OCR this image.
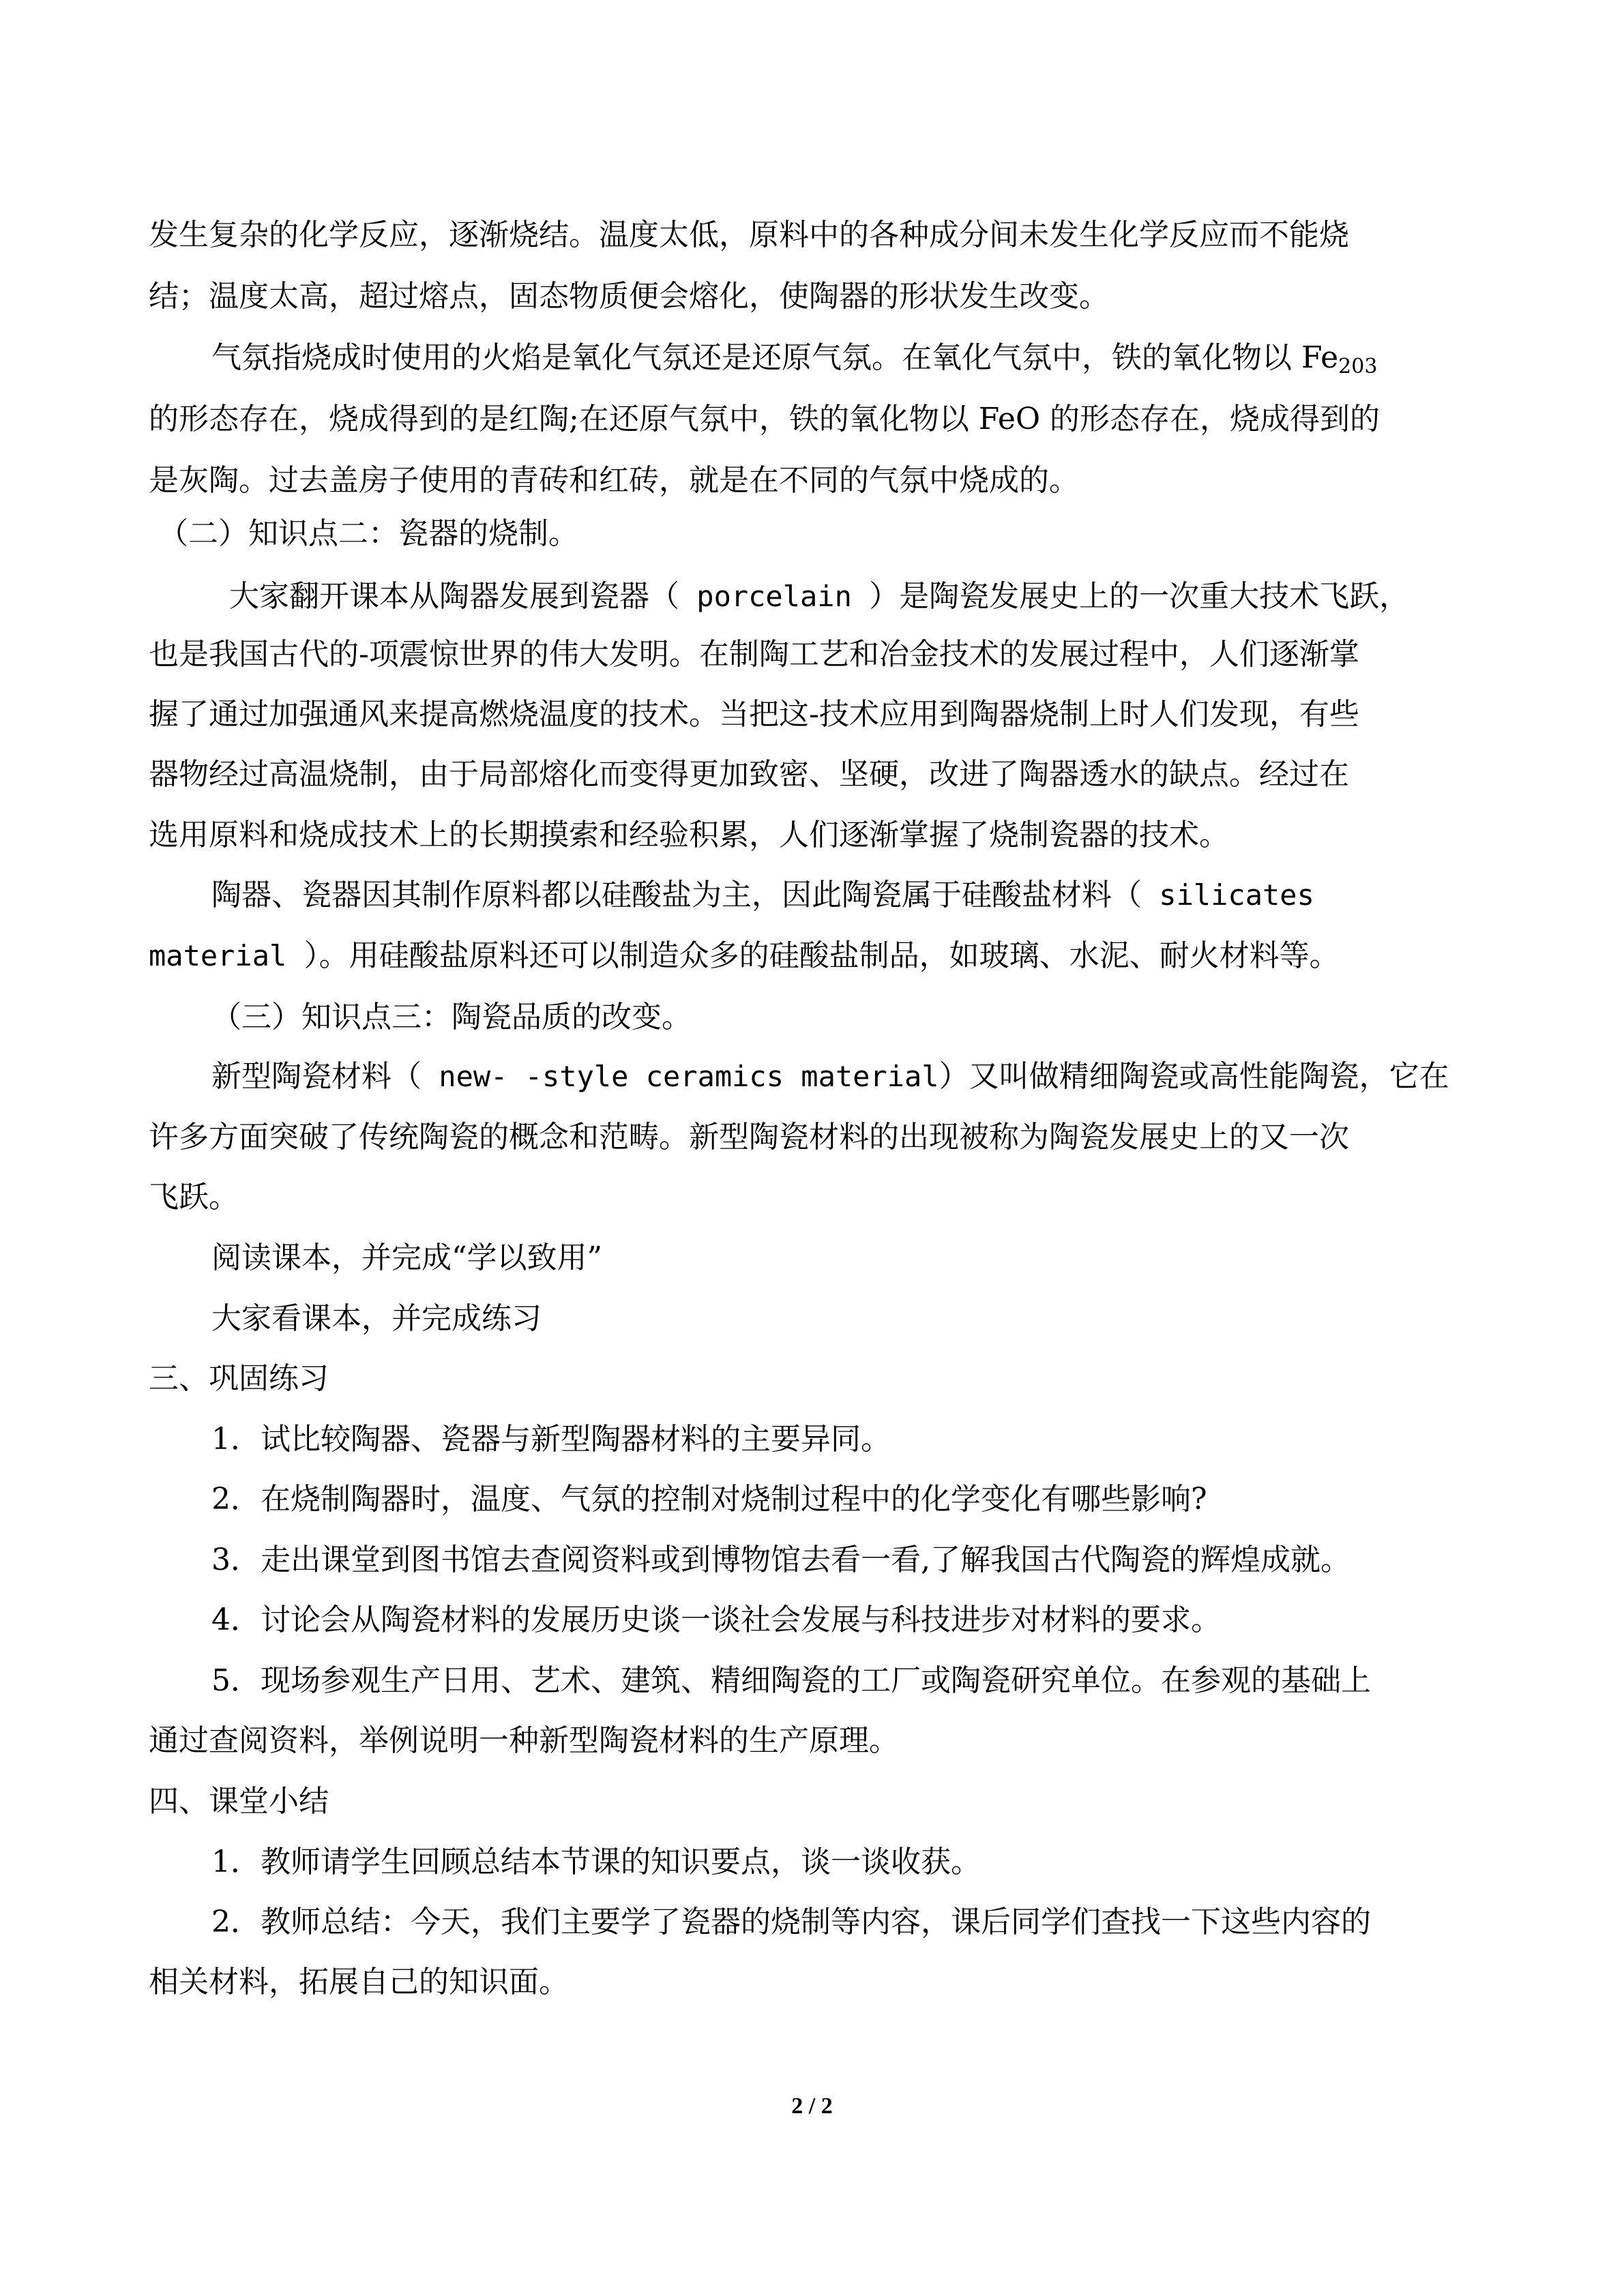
发生复杂的化学反应，逐渐烧结。温度太低，原料中的各种成分间未发生化学反应而不能烧
结；温度太高，超过熔点，固态物质便会熔化，使陶器的形状发生改变。
气氛指烧成时使用的火焰是氧化气氛还是还原气氛。在氧化气氛中，铁的氧化物以 $Fe_{203}$
的形态存在，烧成得到的是红陶;在还原气氛中，铁的氧化物以 FeO 的形态存在，烧成得到的
是灰陶。过去盖房子使用的青砖和红砖，就是在不同的气氛中烧成的。
（二）知识点二：瓷器的烧制。
大家翻开课本从陶器发展到瓷器（ porcelain ）是陶瓷发展史上的一次重大技术飞跃，
也是我国古代的-项震惊世界的伟大发明。在制陶工艺和冶金技术的发展过程中，人们逐渐掌
握了通过加强通风来提高燃烧温度的技术。当把这-技术应用到陶器烧制上时人们发现，有些
器物经过高温烧制，由于局部熔化而变得更加致密、坚硬，改进了陶器透水的缺点。经过在
选用原料和烧成技术上的长期摸索和经验积累，人们逐渐掌握了烧制瓷器的技术。
陶器、瓷器因其制作原料都以硅酸盐为主，因此陶瓷属于硅酸盐材料（ silicates
material ）。用硅酸盐原料还可以制造众多的硅酸盐制品，如玻璃、水泥、耐火材料等。
（三）知识点三：陶瓷品质的改变。
新型陶瓷材料（ new- -style ceramics material）又叫做精细陶瓷或高性能陶瓷，它在
许多方面突破了传统陶瓷的概念和范畴。新型陶瓷材料的出现被称为陶瓷发展史上的又一次
飞跃。
阅读课本，并完成“学以致用”
大家看课本，并完成练习
三、巩固练习
1．试比较陶器、瓷器与新型陶器材料的主要异同。
2．在烧制陶器时，温度、气氛的控制对烧制过程中的化学变化有哪些影响?
3．走出课堂到图书馆去查阅资料或到博物馆去看一看,了解我国古代陶瓷的辉煌成就。
4．讨论会从陶瓷材料的发展历史谈一谈社会发展与科技进步对材料的要求。
5．现场参观生产日用、艺术、建筑、精细陶瓷的工厂或陶瓷研究单位。在参观的基础上
通过查阅资料，举例说明一种新型陶瓷材料的生产原理。
四、课堂小结
1．教师请学生回顾总结本节课的知识要点，谈一谈收获。
2．教师总结：今天，我们主要学了瓷器的烧制等内容，课后同学们查找一下这些内容的
相关材料，拓展自己的知识面。
2 / 2
